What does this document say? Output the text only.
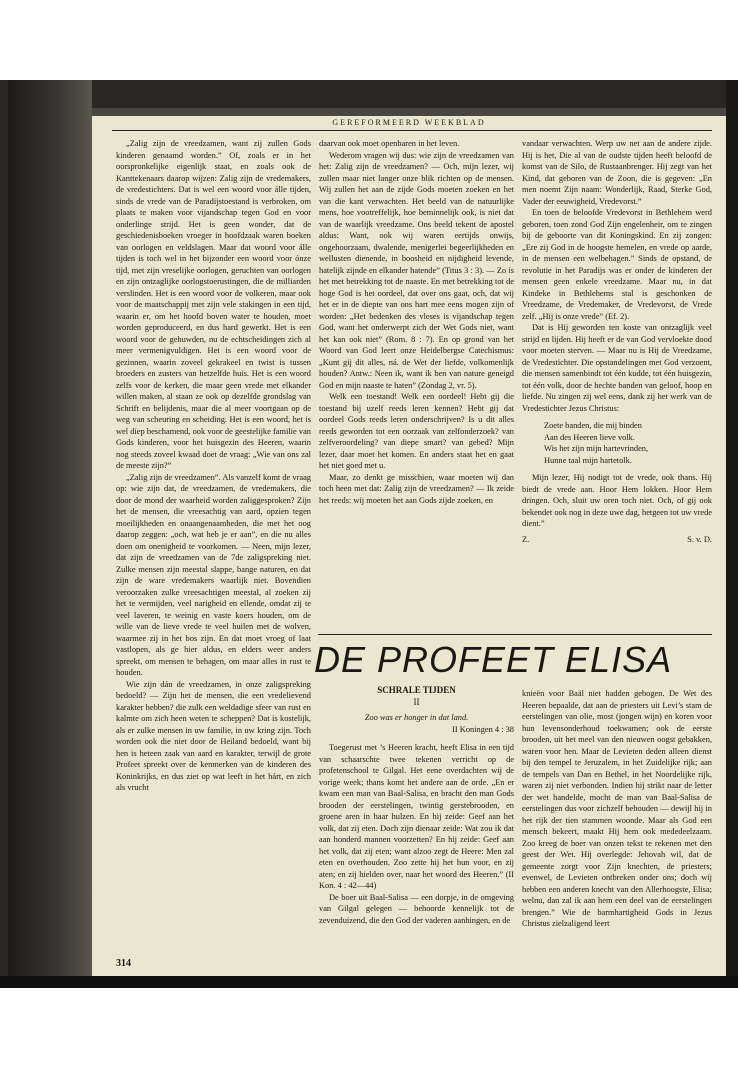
GEREFORMEERD WEEKBLAD

„Zalig zijn de vreedzamen, want zij zullen Gods kinderen genaamd worden.” Of, zoals er in het oorspronkelijke eigenlijk staat, en zoals ook de Kanttekenaars daarop wijzen: Zalig zijn de vredemakers, de vredestichters. Dat is wel een woord voor álle tijden, sinds de vrede van de Paradijstoestand is verbroken, om plaats te maken voor vijandschap tegen God en voor onderlinge strijd. Het is geen wonder, dat de geschiedenisboeken vroeger in hoofdzaak waren boeken van oorlogen en veldslagen. Maar dat woord voor álle tijden is toch wel in het bijzonder een woord voor ónze tijd, met zijn vreselijke oorlogen, geruchten van oorlogen en zijn ontzaglijke oorlogstoerustingen, die de milliarden verslinden. Het is een woord voor de volkeren, maar ook voor de maatschappij met zijn vele stakingen in een tijd, waarin er, om het hoofd boven water te houden, moet worden geproduceerd, en dus hard gewerkt. Het is een woord voor de gehuwden, nu de echtscheidingen zich al meer vermenigvuldigen. Het is een woord voor de gezinnen, waarin zoveel gekrakeel en twist is tussen broeders en zusters van hetzelfde huis. Het is een woord zelfs voor de kerken, die maar geen vrede met elkander willen maken, al staan ze ook op dezelfde grondslag van Schrift en belijdenis, maar die al meer voortgaan op de weg van scheuring en scheiding. Het is een woord, het is wel diep beschamend, ook voor de geestelijke familie van Gods kinderen, voor het huisgezin des Heeren, waarin nog steeds zoveel kwaad doet de vraag: „Wie van ons zal de meeste zijn?”

„Zalig zijn de vreedzamen”. Als vanzelf komt de vraag op: wie zijn dat, de vreedzamen, de vredemakers, die door de mond der waarheid worden zaliggesproken? Zijn het de mensen, die vreesachtig van aard, opzien tegen moeilijkheden en onaangenaamheden, die met het oog daarop zeggen: „och, wat heb je er aan”, en die nu alles doen om onenigheid te voorkomen. — Neen, mijn lezer, dat zijn de vreedzamen van de 7de zaligspreking niet. Zulke mensen zijn meestal slappe, bange naturen, en dat zijn de ware vredemakers waarlijk niet. Bovendien veroorzaken zulke vreesachtigen meestal, al zoeken zij het te vermijden, veel narigheid en ellende, omdat zij te veel laveren, te weinig en vaste koers houden, om de wille van de lieve vrede te veel huilen met de wolven, waarmee zij in het bos zijn. En dat moet vroeg of laat vastlopen, als ge hier aldus, en elders weer anders spreekt, om mensen te behagen, om maar alles in rust te houden.

Wie zijn dán de vreedzamen, in onze zaligspreking bedoeld? — Zijn het de mensen, die een vredelievend karakter hebben? die zulk een weldadige sfeer van rust en kalmte om zich heen weten te scheppen? Dat is kostelijk, als er zulke mensen in uw familie, in uw kring zijn. Toch worden ook die niet door de Heiland bedoeld, want bij hen is heteen zaak van aard en karakter, terwijl de grote Profeet spreekt over de kenmerken van de kinderen des Koninkrijks, en dus ziet op wat leeft in het hárt, en zich als vrucht

daarvan ook moet openbaren in het leven.

Wederom vragen wij dus: wie zijn de vreedzamen van het: Zalig zijn de vreedzamen? — Och, mijn lezer, wij zullen maar niet langer onze blik richten op de mensen. Wij zullen het aan de zijde Gods moeten zoeken en het van die kant verwachten. Het beeld van de natuurlijke mens, hoe vootreffelijk, hoe beminnelijk ook, is niet dat van de waarlijk vreedzame. Ons beeld tekent de apostel aldus: Want, ook wij waren eertijds onwijs, ongehoorzaam, dwalende, menigerlei begeerlijkheden en wellusten dienende, in boosheid en nijdigheid levende, hatelijk zijnde en elkander hatende” (Titus 3 : 3). — Zo is het met betrekking tot de naaste. En met betrekking tot de hoge God is het oordeel, dat over ons gaat, och, dat wij het er in de diepte van ons hart mee eens mogen zijn of worden: „Het bedenken des vleses is vijandschap tegen God, want het onderwerpt zich der Wet Gods niet, want het kan ook niet” (Rom. 8 : 7). En op grond van het Woord van God leert onze Heidelbergse Catechismus: „Kunt gij dit alles, ná. de Wet der liefde, volkomenlijk houden? Antw.: Neen ik, want ik ben van nature geneigd God en mijn naaste te haten” (Zondag 2, vr. 5).

Welk een toestand! Welk een oordeel! Hebt gij die toestand bij uzelf reeds leren kennen? Hebt gij dat oordeel Gods reeds leren onderschrijven? Is u dit alles reeds geworden tot een oorzaak van zelfonderzoek? van zelfveroordeling? van diepe smart? van gebed? Mijn lezer, daar moet het komen. En anders staat het en gaat het niet goed met u.

Maar, zo denkt ge misschien, waar moeten wij dan toch heen met dat: Zalig zijn de vreedzamen? — Ik zeide het reeds: wij moeten het aan Gods zijde zoeken, en

vandaar verwachten. Werp uw net aan de andere zijde. Hij is het, Die al van de oudste tijden heeft beloofd de komst van de Silo, de Rustaanbrenger. Hij zegt van het Kind, dat geboren van de Zoon, die is gegeven: „En men noemt Zijn naam: Wonderlijk, Raad, Sterke God, Vader der eeuwigheid, Vredevorst.”

En toen de beloofde Vredevorst in Bethlehem werd geboren, toen zond God Zijn engelenheir, om te zingen bij de geboorte van dit Koningskind. En zij zongen: „Ere zij God in de hoogste hemelen, en vrede op aarde, in de mensen een welbehagen.” Sinds de opstand, de revolutie in het Paradijs was er onder de kinderen der mensen geen enkele vreedzame. Maar nu, in dat Kindeke in Bethlehems stal is geschonken de Vreedzame, de Vredemaker, de Vredevorst, de Vrede zelf. „Hij is onze vrede” (Ef. 2).

Dat is Hij geworden ten koste van ontzaglijk veel strijd en lijden. Hij heeft er de van God vervloekte dood voor moeten sterven. — Maar nu is Hij de Vreedzame, de Vredestichter. Die opstandelingen met God verzoent, die mensen samenbindt tot één kudde, tot één huisgezin, tot één volk, door de hechte banden van geloof, hoop en liefde. Nu zingen zij wel eens, dank zij het werk van de Vredestichter Jezus Christus:

Zoete banden, die mij binden
Aan des Heeren lieve volk.
Wis het zijn mijn hartevrinden,
Hunne taal mijn hartetolk.

Mijn lezer, Hij nodigt tot de vrede, ook thans. Hij biedt de vrede aan. Hoor Hem lokken. Hoor Hem dringen. Och, sluit uw oren toch niet. Och, of gij ook bekendet ook nog in deze uwe dag, hetgeen tot uw vrede dient.”

Z.	S. v. D.
DE PROFEET ELISA
SCHRALE TIJDEN
II
Zoo was er honger in dat land.
II Koningen 4 : 38

Toegerust met ’s Heeren kracht, heeft Elisa in een tijd van schaarschte twee tekenen verricht op de profetenschool te Gilgal. Het eene overdachten wij de vorige week; thans komt het andere aan de orde. „En er kwam een man van Baal-Salisa, en bracht den man Gods brooden der eerstelingen, twintig gerstebrooden, en groene aren in haar hulzen. En hij zeide: Geef aan het volk, dat zij eten. Doch zijn dienaar zeide: Wat zou ik dat aan honderd mannen voorzetten? En hij zeide: Geef aan het volk, dat zij eten; want alzoo zegt de Heere: Men zal eten en overhouden. Zoo zette hij het hun voor, en zij aten; en zij hielden over, naar het woord des Heeren.” (II Kon. 4 : 42—44)

De boer uit Baal-Salisa — een dorpje, in de omgeving van Gilgal gelegen — behoorde kennelijk tot de zevenduizend, die den God der vaderen aanhingen, en de

knieën voor Baäl niet hadden gebogen. De Wet des Heeren bepaalde, dat aan de priesters uit Levi’s stam de eerstelingen van olie, most (jongen wijn) en koren voor hun levensonderhoud toekwamen; ook de eerste brooden, uit het meel van den nieuwen oogst gebakken, waren voor hen. Maar de Levieten deden alleen dienst bij den tempel te Jeruzalem, in het Zuidelijke rijk; aan de tempels van Dan en Bethel, in het Noordelijke rijk, waren zij niet verbonden. Indien hij strikt naar de letter der wet handelde, mocht de man van Baal-Salisa de eerstelingen dus voor zichzelf behouden — dewijl hij in het rijk der tien stammen woonde. Maar als God een mensch bekeert, maakt Hij hem ook mededeelzaam. Zoo kreeg de boer van onzen tekst te rekenen met den geest der Wet. Hij overlegde: Jehovah wil, dat de gemeente zorgt voor Zijn knechten, de priesters; evenwel, de Levieten ontbreken onder ons; doch wij hebben een anderen knecht van den Allerhoogste, Elisa; welnu, dan zal ik aan hem een deel van de eerstelingen brengen.” Wie de barmhartigheid Gods in Jezus Christus zielzaligend leert

314
